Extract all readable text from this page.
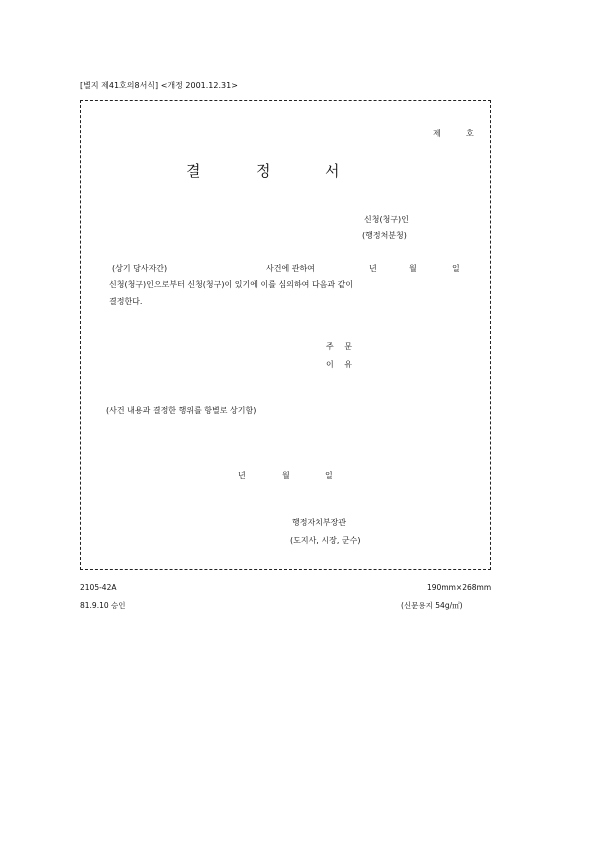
[별지 제41호의8서식] <개정 2001.12.31>
제	호
결	정	서
신청(청구)인
(행정처분청)
(상기 당사자간)	사건에 관하여	년	월	일
신청(청구)인으로부터 신청(청구)이 있기에 이를 심의하여 다음과 같이
결정한다.
주 문
이 유
(사건 내용과 결정한 행위를 항별로 상기함)
년	월	일
행정자치부장관
(도지사, 시장, 군수)
2105-42A
81.9.10 승인
190mm×268mm
(신문용지 54g/㎡)
